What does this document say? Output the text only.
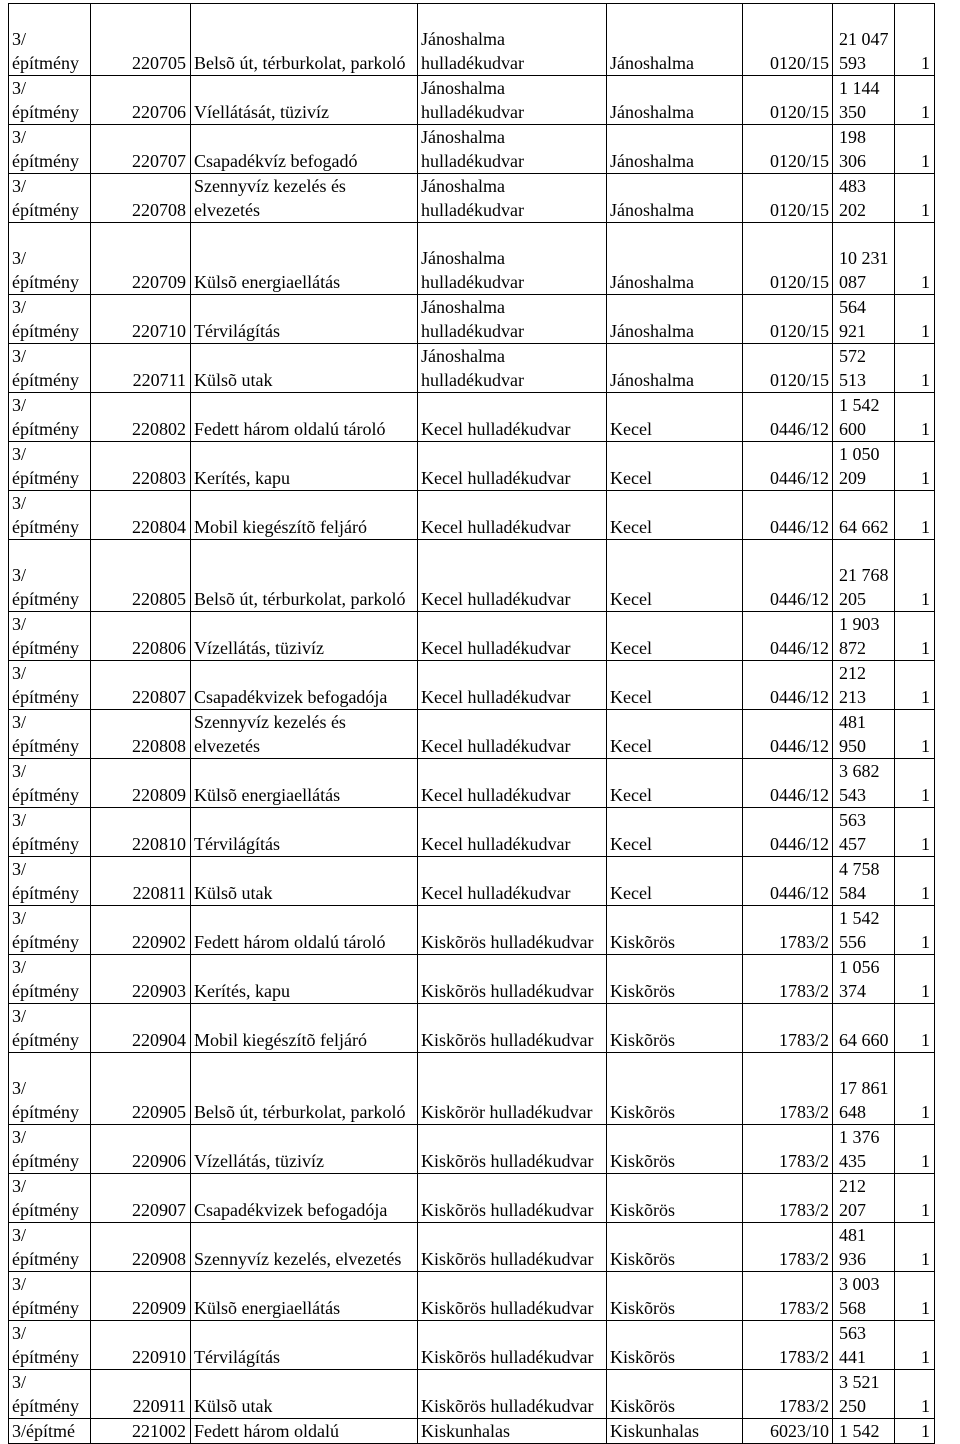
3/építmény	220705	Belsõ út, térburkolat, parkoló	Jánoshalma hulladékudvar	Jánoshalma	0120/15	21 047 593	1
3/építmény	220706	Víellátását, tüzivíz	Jánoshalma hulladékudvar	Jánoshalma	0120/15	1 144 350	1
3/építmény	220707	Csapadékvíz befogadó	Jánoshalma hulladékudvar	Jánoshalma	0120/15	198 306	1
3/építmény	220708	Szennyvíz kezelés és elvezetés	Jánoshalma hulladékudvar	Jánoshalma	0120/15	483 202	1
3/építmény	220709	Külsõ energiaellátás	Jánoshalma hulladékudvar	Jánoshalma	0120/15	10 231 087	1
3/építmény	220710	Térvilágítás	Jánoshalma hulladékudvar	Jánoshalma	0120/15	564 921	1
3/építmény	220711	Külsõ utak	Jánoshalma hulladékudvar	Jánoshalma	0120/15	572 513	1
3/építmény	220802	Fedett három oldalú tároló	Kecel hulladékudvar	Kecel	0446/12	1 542 600	1
3/építmény	220803	Kerítés, kapu	Kecel hulladékudvar	Kecel	0446/12	1 050 209	1
3/építmény	220804	Mobil kiegészítõ feljáró	Kecel hulladékudvar	Kecel	0446/12	64 662	1
3/építmény	220805	Belsõ út, térburkolat, parkoló	Kecel hulladékudvar	Kecel	0446/12	21 768 205	1
3/építmény	220806	Vízellátás, tüzivíz	Kecel hulladékudvar	Kecel	0446/12	1 903 872	1
3/építmény	220807	Csapadékvizek befogadója	Kecel hulladékudvar	Kecel	0446/12	212 213	1
3/építmény	220808	Szennyvíz kezelés és elvezetés	Kecel hulladékudvar	Kecel	0446/12	481 950	1
3/építmény	220809	Külsõ energiaellátás	Kecel hulladékudvar	Kecel	0446/12	3 682 543	1
3/építmény	220810	Térvilágítás	Kecel hulladékudvar	Kecel	0446/12	563 457	1
3/építmény	220811	Külsõ utak	Kecel hulladékudvar	Kecel	0446/12	4 758 584	1
3/építmény	220902	Fedett három oldalú tároló	Kiskõrös hulladékudvar	Kiskõrös	1783/2	1 542 556	1
3/építmény	220903	Kerítés, kapu	Kiskõrös hulladékudvar	Kiskõrös	1783/2	1 056 374	1
3/építmény	220904	Mobil kiegészítõ feljáró	Kiskõrös hulladékudvar	Kiskõrös	1783/2	64 660	1
3/építmény	220905	Belsõ út, térburkolat, parkoló	Kiskõrör hulladékudvar	Kiskõrös	1783/2	17 861 648	1
3/építmény	220906	Vízellátás, tüzivíz	Kiskõrös hulladékudvar	Kiskõrös	1783/2	1 376 435	1
3/építmény	220907	Csapadékvizek befogadója	Kiskõrös hulladékudvar	Kiskõrös	1783/2	212 207	1
3/építmény	220908	Szennyvíz kezelés, elvezetés	Kiskõrös hulladékudvar	Kiskõrös	1783/2	481 936	1
3/építmény	220909	Külsõ energiaellátás	Kiskõrös hulladékudvar	Kiskõrös	1783/2	3 003 568	1
3/építmény	220910	Térvilágítás	Kiskõrös hulladékudvar	Kiskõrös	1783/2	563 441	1
3/építmény	220911	Külsõ utak	Kiskõrös hulladékudvar	Kiskõrös	1783/2	3 521 250	1
3/építmé	221002	Fedett három oldalú	Kiskunhalas	Kiskunhalas	6023/10	1 542	1
